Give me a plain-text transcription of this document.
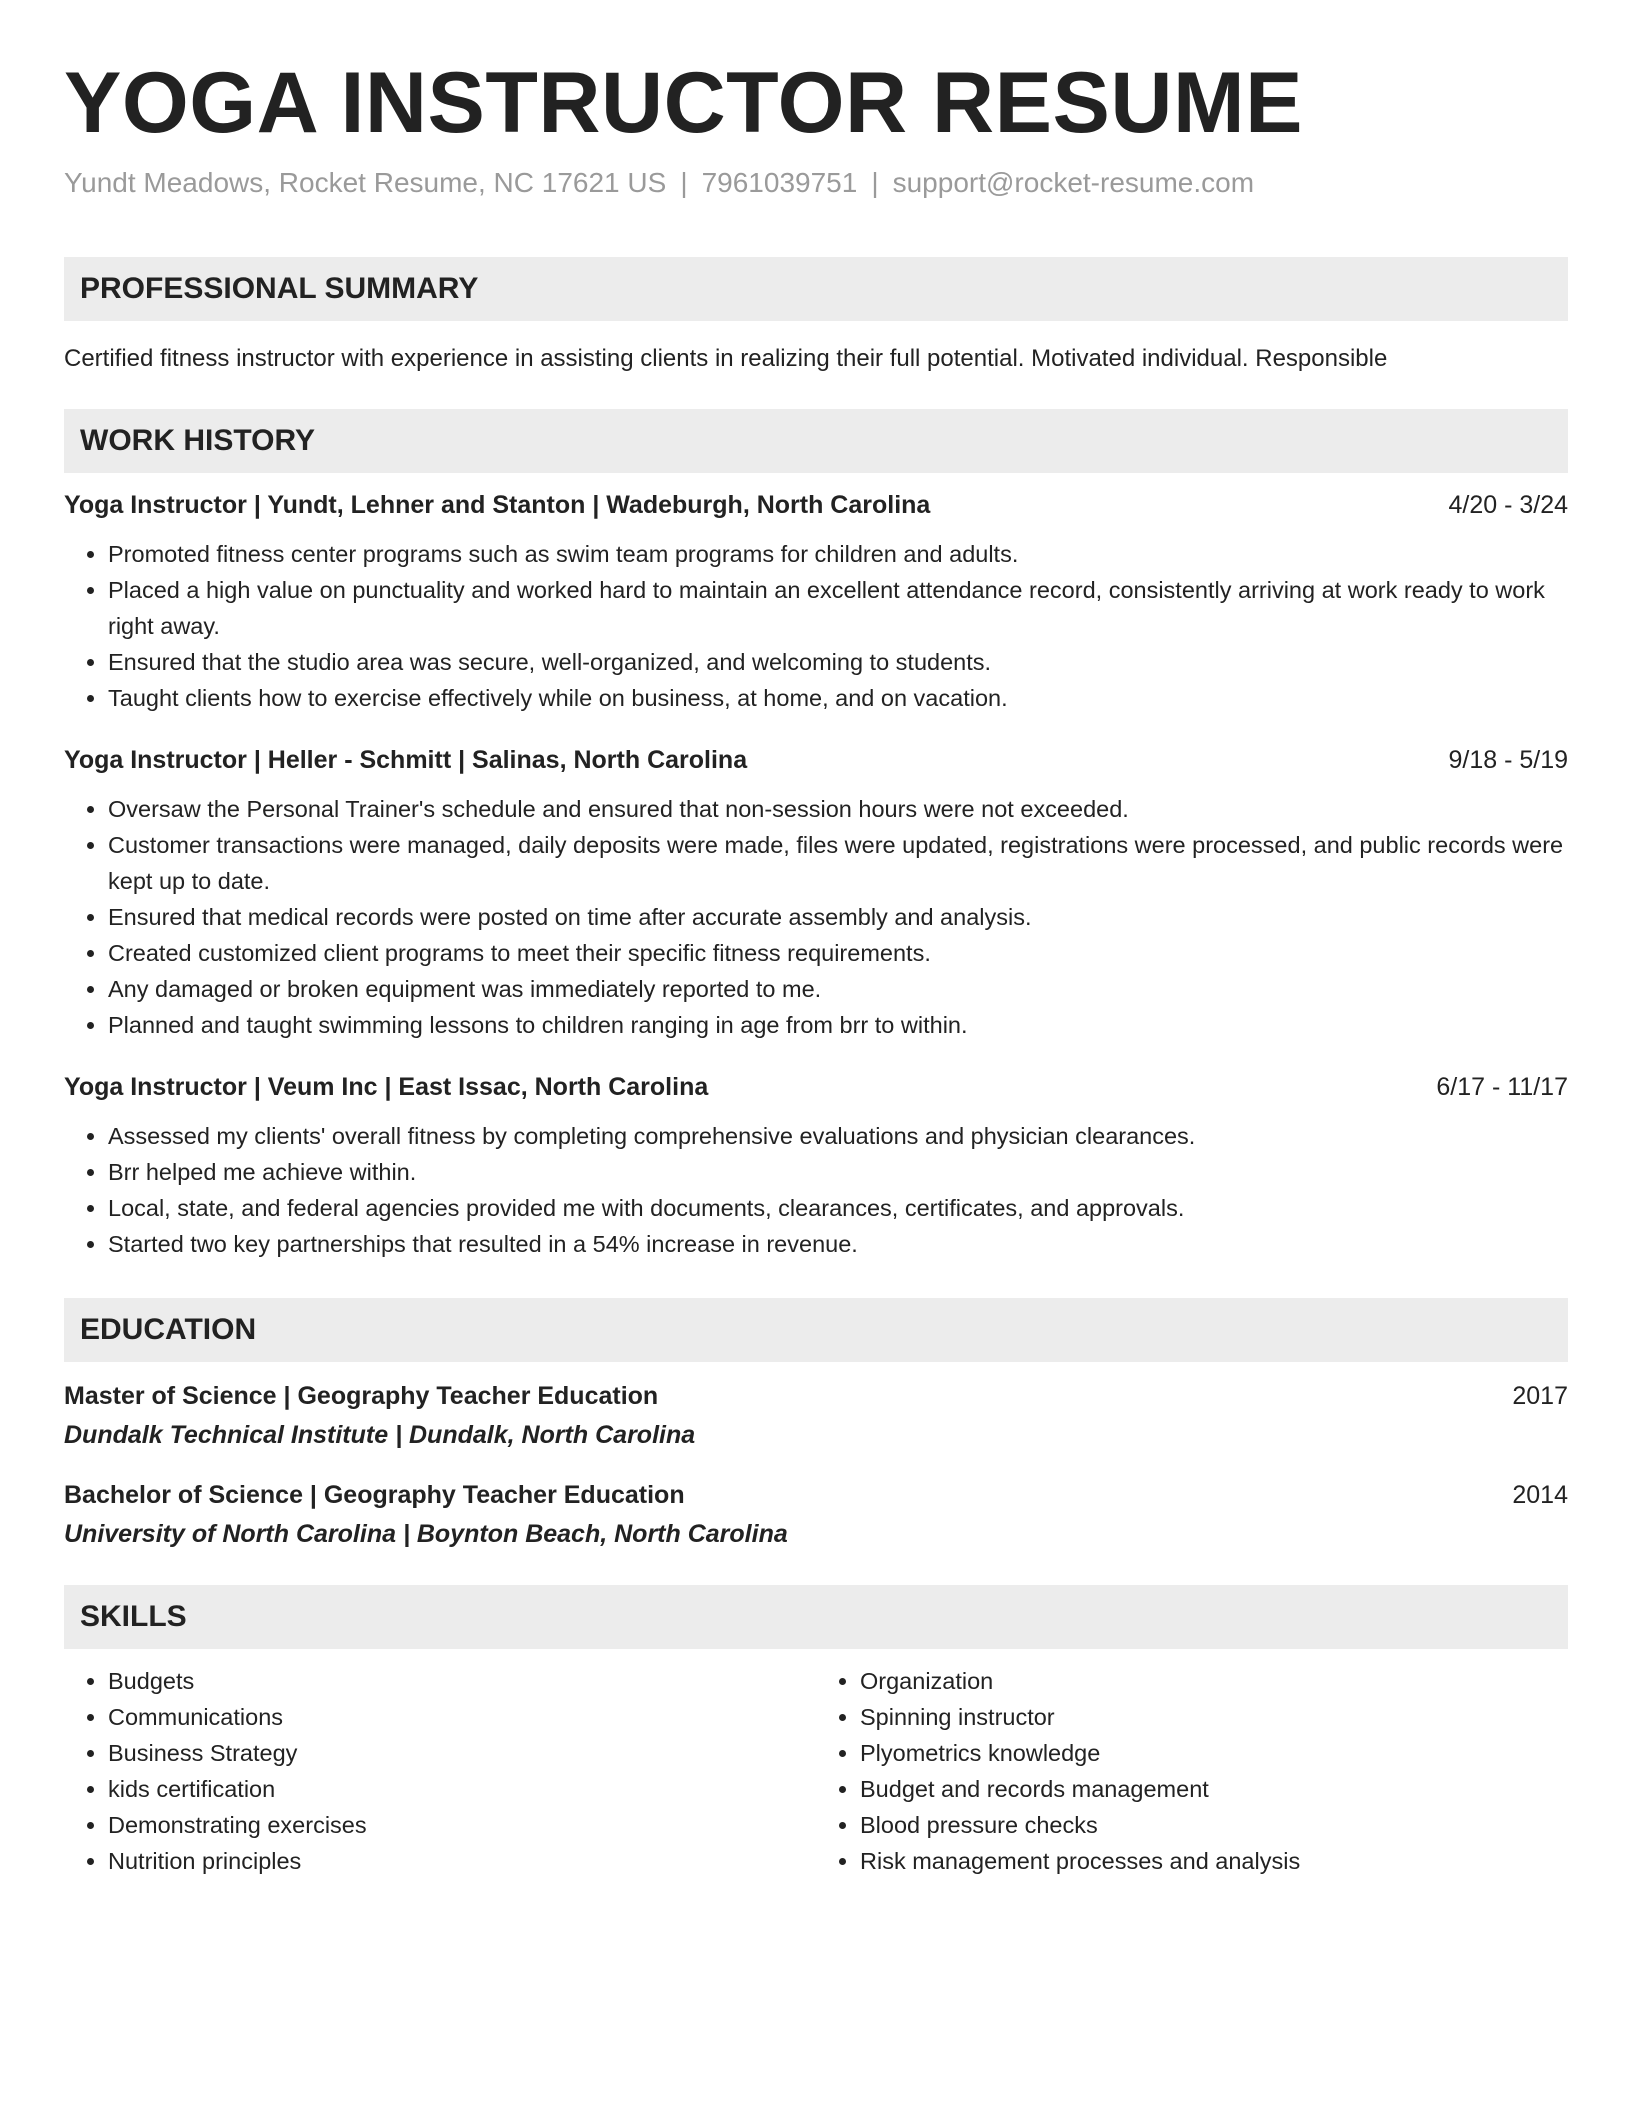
YOGA INSTRUCTOR RESUME
Yundt Meadows, Rocket Resume, NC 17621 US | 7961039751 | support@rocket-resume.com
PROFESSIONAL SUMMARY
Certified fitness instructor with experience in assisting clients in realizing their full potential. Motivated individual. Responsible
WORK HISTORY
Yoga Instructor | Yundt, Lehner and Stanton | Wadeburgh, North Carolina	4/20 - 3/24
• Promoted fitness center programs such as swim team programs for children and adults.
• Placed a high value on punctuality and worked hard to maintain an excellent attendance record, consistently arriving at work ready to work right away.
• Ensured that the studio area was secure, well-organized, and welcoming to students.
• Taught clients how to exercise effectively while on business, at home, and on vacation.
Yoga Instructor | Heller - Schmitt | Salinas, North Carolina	9/18 - 5/19
• Oversaw the Personal Trainer's schedule and ensured that non-session hours were not exceeded.
• Customer transactions were managed, daily deposits were made, files were updated, registrations were processed, and public records were kept up to date.
• Ensured that medical records were posted on time after accurate assembly and analysis.
• Created customized client programs to meet their specific fitness requirements.
• Any damaged or broken equipment was immediately reported to me.
• Planned and taught swimming lessons to children ranging in age from brr to within.
Yoga Instructor | Veum Inc | East Issac, North Carolina	6/17 - 11/17
• Assessed my clients' overall fitness by completing comprehensive evaluations and physician clearances.
• Brr helped me achieve within.
• Local, state, and federal agencies provided me with documents, clearances, certificates, and approvals.
• Started two key partnerships that resulted in a 54% increase in revenue.
EDUCATION
Master of Science | Geography Teacher Education	2017
Dundalk Technical Institute | Dundalk, North Carolina
Bachelor of Science | Geography Teacher Education	2014
University of North Carolina | Boynton Beach, North Carolina
SKILLS
• Budgets
• Communications
• Business Strategy
• kids certification
• Demonstrating exercises
• Nutrition principles
• Organization
• Spinning instructor
• Plyometrics knowledge
• Budget and records management
• Blood pressure checks
• Risk management processes and analysis
